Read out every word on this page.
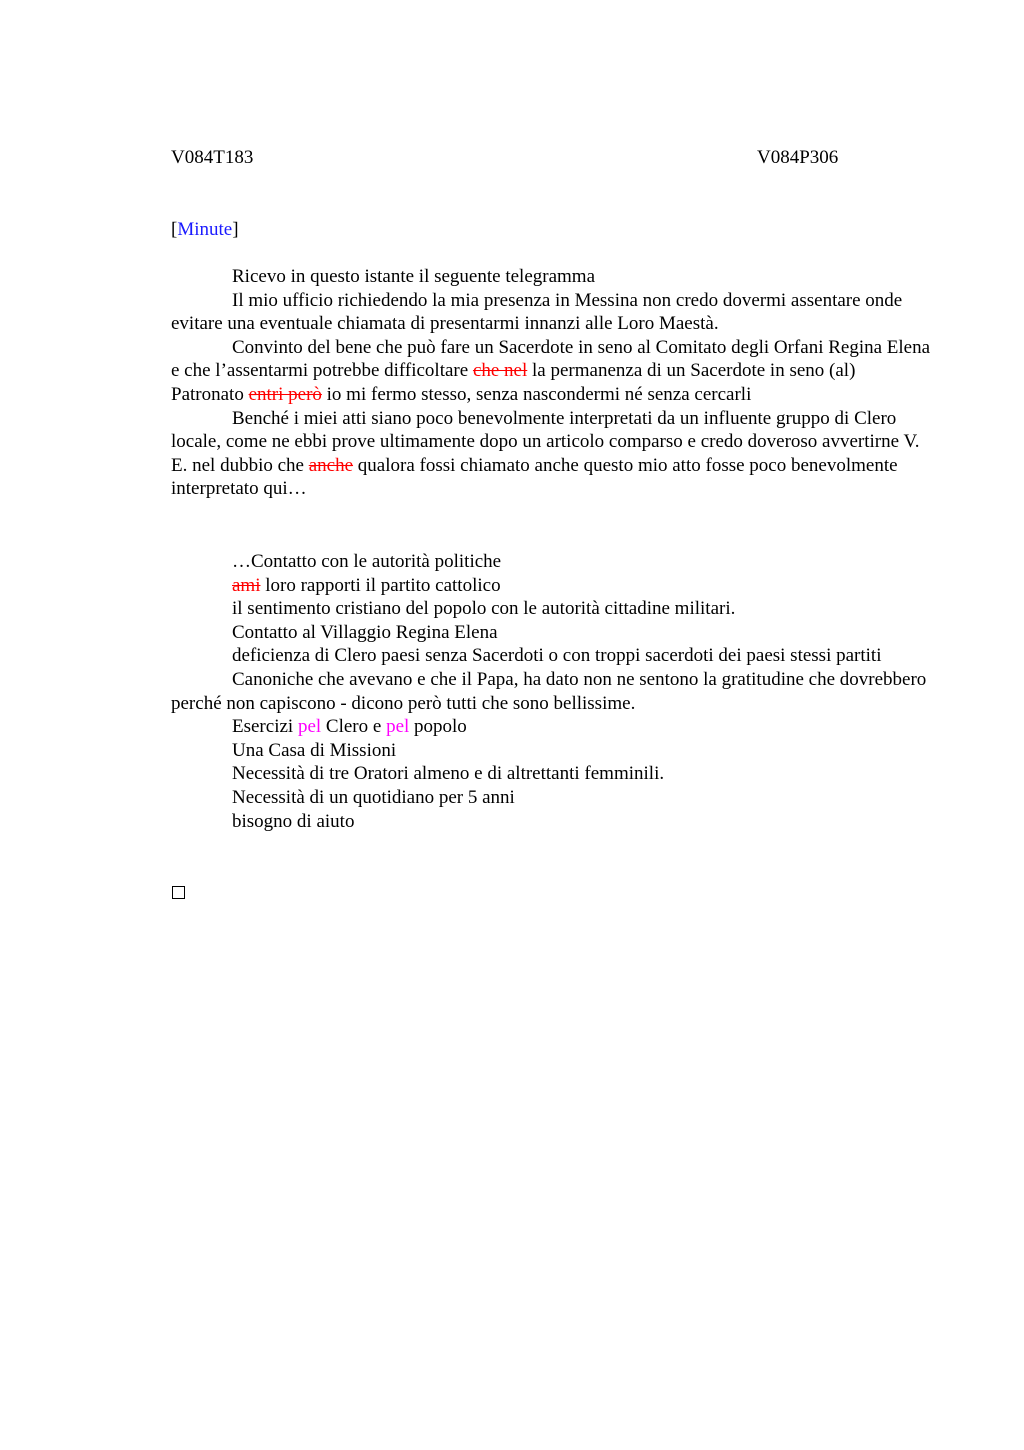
V084T183	V084P306
[Minute]

Ricevo in questo istante il seguente telegramma

Il mio ufficio richiedendo la mia presenza in Messina non credo dovermi assentare onde evitare una eventuale chiamata di presentarmi innanzi alle Loro Maestà.

Convinto del bene che può fare un Sacerdote in seno al Comitato degli Orfani Regina Elena e che l’assentarmi potrebbe difficoltare che nel la permanenza di un Sacerdote in seno (al) Patronato entri però io mi fermo stesso, senza nascondermi né senza cercarli

Benché i miei atti siano poco benevolmente interpretati da un influente gruppo di Clero locale, come ne ebbi prove ultimamente dopo un articolo comparso e credo doveroso avvertirne V. E. nel dubbio che anche qualora fossi chiamato anche questo mio atto fosse poco benevolmente interpretato qui…

…Contatto con le autorità politiche

ami loro rapporti il partito cattolico

il sentimento cristiano del popolo con le autorità cittadine militari.

Contatto al Villaggio Regina Elena

deficienza di Clero paesi senza Sacerdoti o con troppi sacerdoti dei paesi stessi partiti

Canoniche che avevano e che il Papa, ha dato non ne sentono la gratitudine che dovrebbero perché non capiscono - dicono però tutti che sono bellissime.

Esercizi pel Clero e pel popolo

Una Casa di Missioni

Necessità di tre Oratori almeno e di altrettanti femminili.

Necessità di un quotidiano per 5 anni

bisogno di aiuto
